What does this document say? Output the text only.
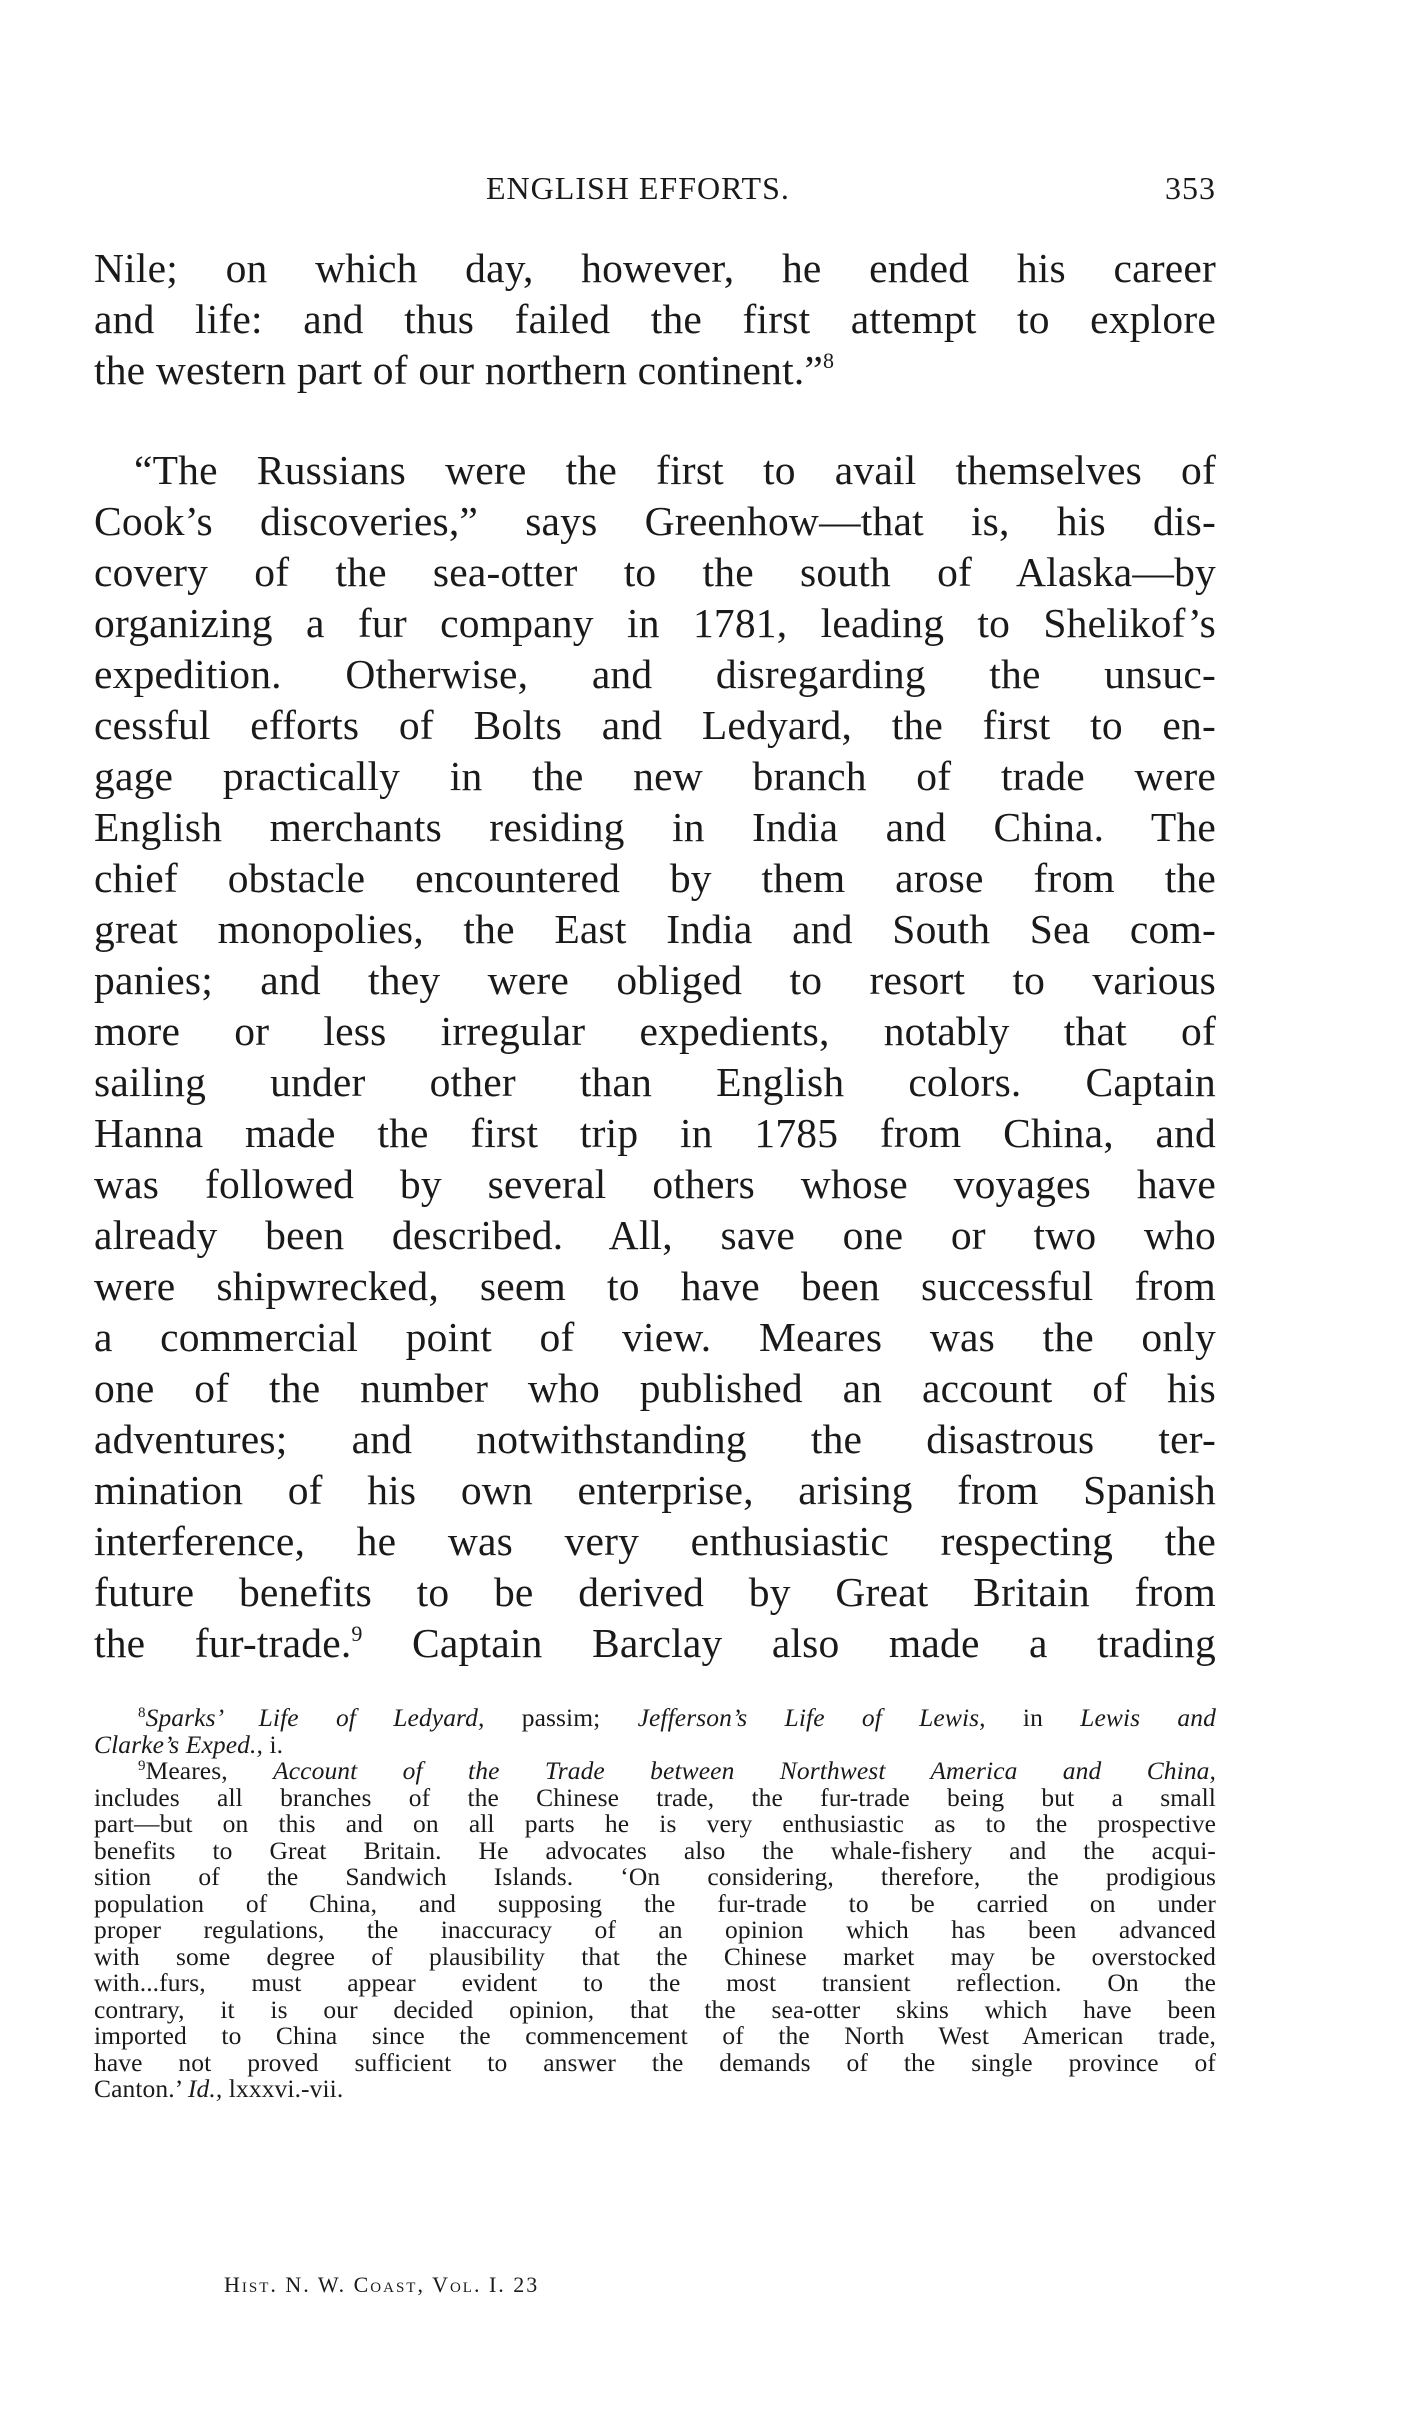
ENGLISH EFFORTS.	353
Nile; on which day, however, he ended his career
and life: and thus failed the first attempt to explore
the western part of our northern continent.”$^8$
“The Russians were the first to avail themselves of
Cook’s discoveries,” says Greenhow—that is, his dis-
covery of the sea-otter to the south of Alaska—by
organizing a fur company in 1781, leading to Shelikof’s
expedition. Otherwise, and disregarding the unsuc-
cessful efforts of Bolts and Ledyard, the first to en-
gage practically in the new branch of trade were
English merchants residing in India and China. The
chief obstacle encountered by them arose from the
great monopolies, the East India and South Sea com-
panies; and they were obliged to resort to various
more or less irregular expedients, notably that of
sailing under other than English colors. Captain
Hanna made the first trip in 1785 from China, and
was followed by several others whose voyages have
already been described. All, save one or two who
were shipwrecked, seem to have been successful from
a commercial point of view. Meares was the only
one of the number who published an account of his
adventures; and notwithstanding the disastrous ter-
mination of his own enterprise, arising from Spanish
interference, he was very enthusiastic respecting the
future benefits to be derived by Great Britain from
the fur-trade.$^9$ Captain Barclay also made a trading
$^8$Sparks’ Life of Ledyard, passim; Jefferson’s Life of Lewis, in Lewis and
Clarke’s Exped., i.
$^9$Meares, Account of the Trade between Northwest America and China,
includes all branches of the Chinese trade, the fur-trade being but a small
part—but on this and on all parts he is very enthusiastic as to the prospective
benefits to Great Britain. He advocates also the whale-fishery and the acqui-
sition of the Sandwich Islands. ‘On considering, therefore, the prodigious
population of China, and supposing the fur-trade to be carried on under
proper regulations, the inaccuracy of an opinion which has been advanced
with some degree of plausibility that the Chinese market may be overstocked
with...furs, must appear evident to the most transient reflection. On the
contrary, it is our decided opinion, that the sea-otter skins which have been
imported to China since the commencement of the North West American trade,
have not proved sufficient to answer the demands of the single province of
Canton.’ Id., lxxxvi.-vii.
Hist. N. W. Coast, Vol. I. 23
